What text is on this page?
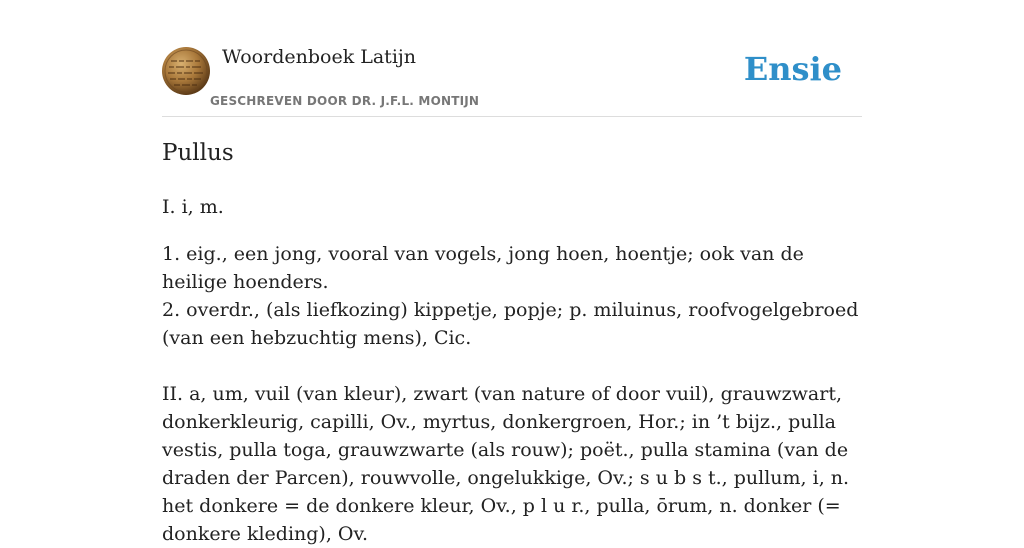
Woordenboek Latijn
GESCHREVEN DOOR DR. J.F.L. MONTIJN
Ensie
Pullus

I. i, m.

1. eig., een jong, vooral van vogels, jong hoen, hoentje; ook van de heilige hoenders.

2. overdr., (als liefkozing) kippetje, popje; p. miluinus, roofvogelgebroed (van een hebzuchtig mens), Cic.

II. a, um, vuil (van kleur), zwart (van nature of door vuil), grauwzwart, donkerkleurig, capilli, Ov., myrtus, donkergroen, Hor.; in ’t bijz., pulla vestis, pulla toga, grauwzwarte (als rouw); poët., pulla stamina (van de draden der Parcen), rouwvolle, ongelukkige, Ov.; s u b s t., pullum, i, n. het donkere = de donkere kleur, Ov., p l u r., pulla, ōrum, n. donker (= donkere kleding), Ov.
